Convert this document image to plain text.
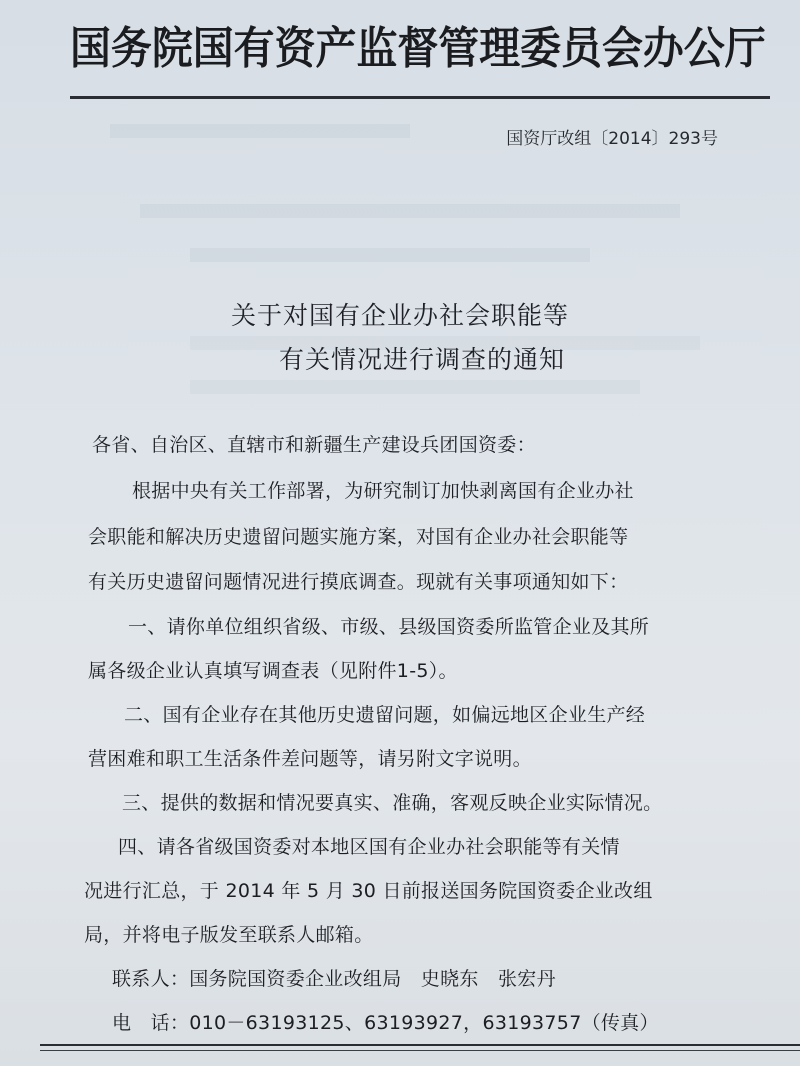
国务院国有资产监督管理委员会办公厅
国资厅改组〔2014〕293号
关于对国有企业办社会职能等
有关情况进行调查的通知
各省、自治区、直辖市和新疆生产建设兵团国资委：
根据中央有关工作部署，为研究制订加快剥离国有企业办社
会职能和解决历史遗留问题实施方案，对国有企业办社会职能等
有关历史遗留问题情况进行摸底调查。现就有关事项通知如下：
一、请你单位组织省级、市级、县级国资委所监管企业及其所
属各级企业认真填写调查表（见附件1-5）。
二、国有企业存在其他历史遗留问题，如偏远地区企业生产经
营困难和职工生活条件差问题等，请另附文字说明。
三、提供的数据和情况要真实、准确，客观反映企业实际情况。
四、请各省级国资委对本地区国有企业办社会职能等有关情
况进行汇总，于 2014 年 5 月 30 日前报送国务院国资委企业改组
局，并将电子版发至联系人邮箱。
联系人：国务院国资委企业改组局　史晓东　张宏丹
电　话：010－63193125、63193927，63193757（传真）
